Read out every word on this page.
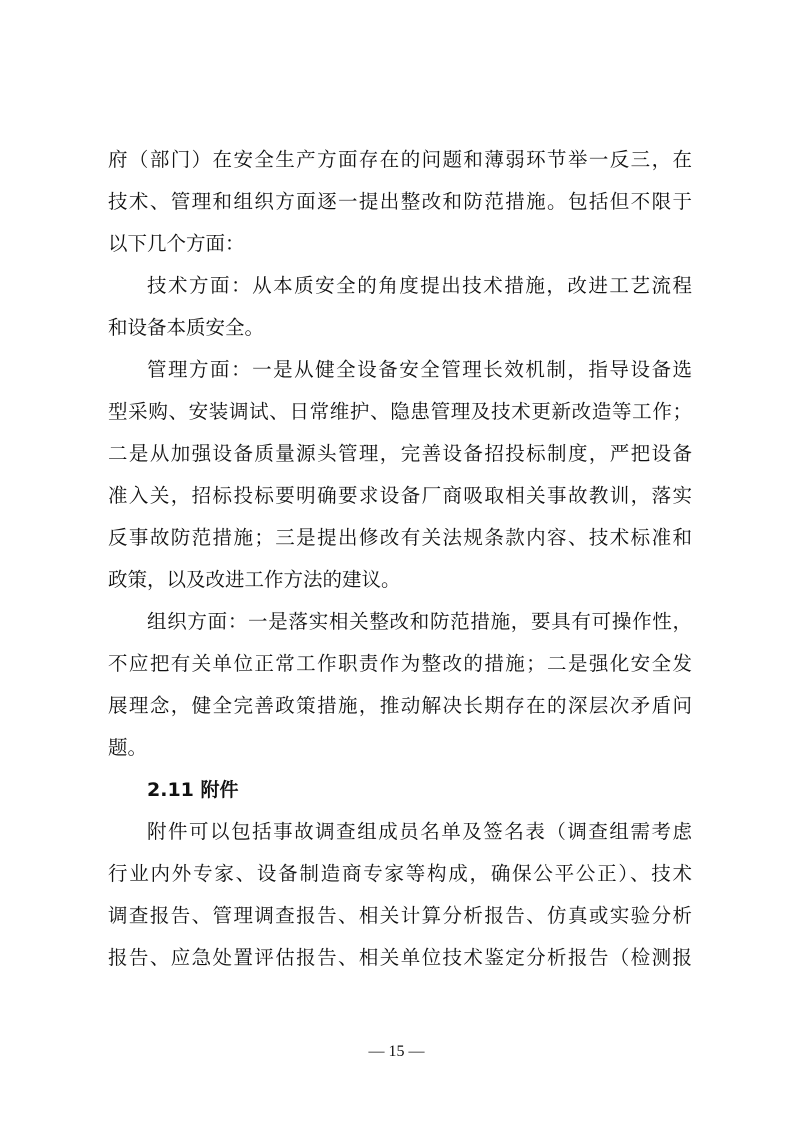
府（部门）在安全生产方面存在的问题和薄弱环节举一反三，在
技术、管理和组织方面逐一提出整改和防范措施。包括但不限于
以下几个方面：
技术方面：从本质安全的角度提出技术措施，改进工艺流程
和设备本质安全。
管理方面：一是从健全设备安全管理长效机制，指导设备选
型采购、安装调试、日常维护、隐患管理及技术更新改造等工作；
二是从加强设备质量源头管理，完善设备招投标制度，严把设备
准入关，招标投标要明确要求设备厂商吸取相关事故教训，落实
反事故防范措施；三是提出修改有关法规条款内容、技术标准和
政策，以及改进工作方法的建议。
组织方面：一是落实相关整改和防范措施，要具有可操作性，
不应把有关单位正常工作职责作为整改的措施；二是强化安全发
展理念，健全完善政策措施，推动解决长期存在的深层次矛盾问
题。
2.11 附件
附件可以包括事故调查组成员名单及签名表（调查组需考虑
行业内外专家、设备制造商专家等构成，确保公平公正）、技术
调查报告、管理调查报告、相关计算分析报告、仿真或实验分析
报告、应急处置评估报告、相关单位技术鉴定分析报告（检测报
— 15 —
